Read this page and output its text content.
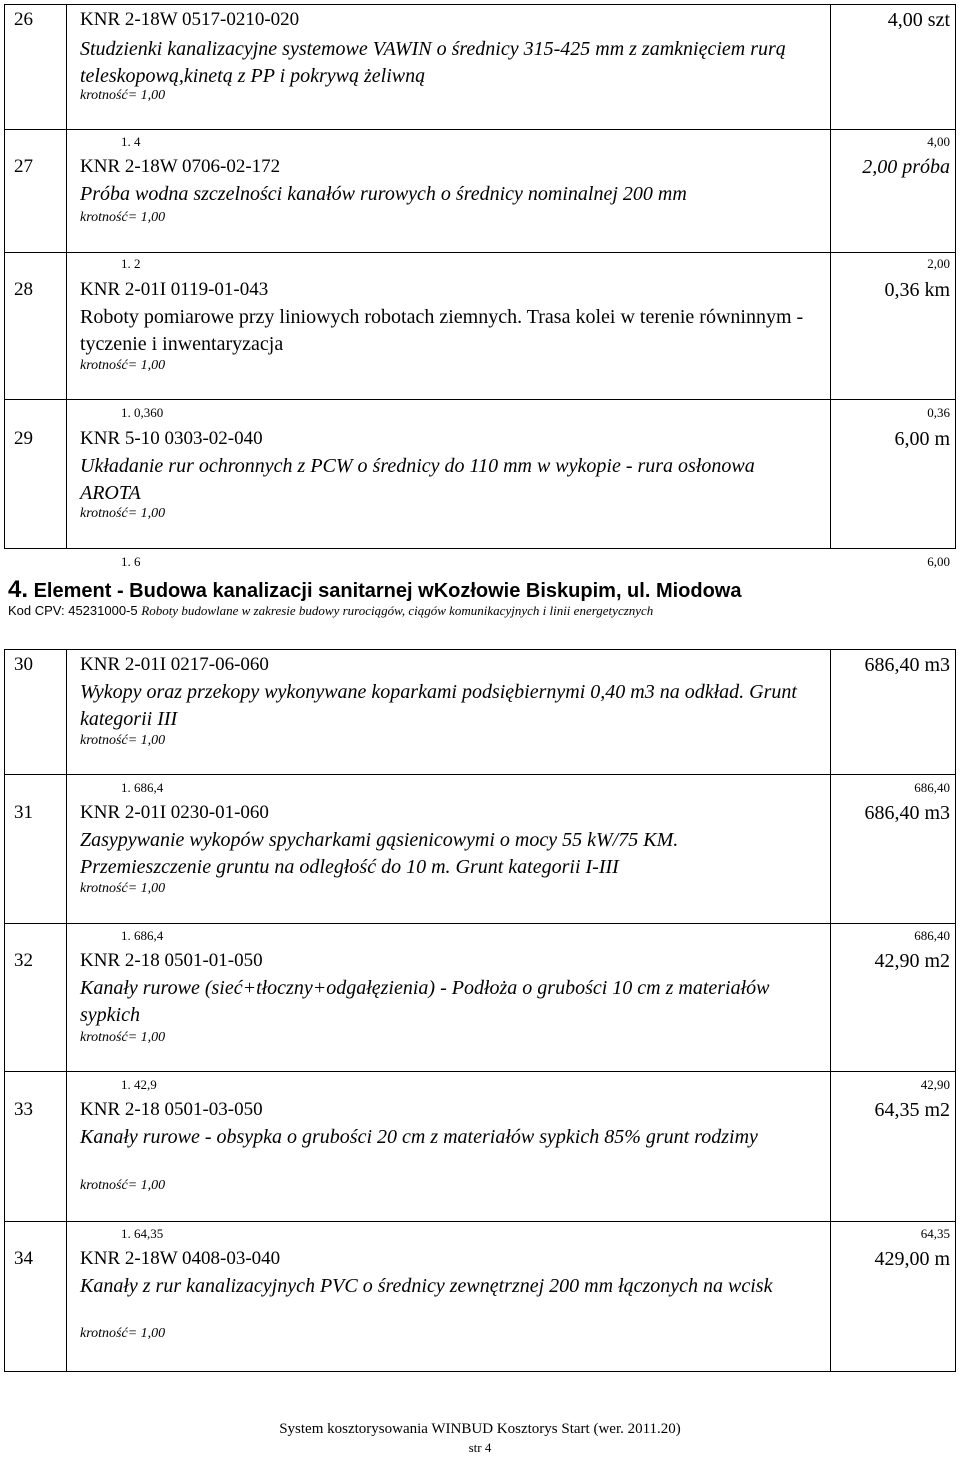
26 KNR 2-18W 0517-0210-020
Studzienki kanalizacyjne systemowe VAWIN o średnicy 315-425 mm z zamknięciem rurą teleskopową,kinetą z PP i pokrywą żeliwną
krotność= 1,00
4,00 szt
1. 4	4,00
27 KNR 2-18W 0706-02-172
Próba wodna szczelności kanałów rurowych o średnicy nominalnej 200 mm
krotność= 1,00
2,00 próba
1. 2	2,00
28 KNR 2-01I 0119-01-043
Roboty pomiarowe przy liniowych robotach ziemnych. Trasa kolei w terenie równinnym - tyczenie i inwentaryzacja
krotność= 1,00
0,36 km
1. 0,360	0,36
29 KNR 5-10 0303-02-040
Układanie rur ochronnych z PCW o średnicy do 110 mm w wykopie - rura osłonowa AROTA
krotność= 1,00
6,00 m
1. 6	6,00
4. Element - Budowa kanalizacji sanitarnej wKozłowie Biskupim, ul. Miodowa
Kod CPV: 45231000-5 Roboty budowlane w zakresie budowy rurociągów, ciągów komunikacyjnych i linii energetycznych
30 KNR 2-01I 0217-06-060
Wykopy oraz przekopy wykonywane koparkami podsiębiernymi 0,40 m3 na odkład. Grunt kategorii III
krotność= 1,00
686,40 m3
1. 686,4	686,40
31 KNR 2-01I 0230-01-060
Zasypywanie wykopów spycharkami gąsienicowymi o mocy 55 kW/75 KM. Przemieszczenie gruntu na odległość do 10 m. Grunt kategorii I-III
krotność= 1,00
686,40 m3
1. 686,4	686,40
32 KNR 2-18 0501-01-050
Kanały rurowe (sieć+tłoczny+odgałęzienia) - Podłoża o grubości 10 cm z materiałów sypkich
krotność= 1,00
42,90 m2
1. 42,9	42,90
33 KNR 2-18 0501-03-050
Kanały rurowe - obsypka o grubości 20 cm z materiałów sypkich 85% grunt rodzimy
krotność= 1,00
64,35 m2
1. 64,35	64,35
34 KNR 2-18W 0408-03-040
Kanały z rur kanalizacyjnych PVC o średnicy zewnętrznej 200 mm łączonych na wcisk
krotność= 1,00
429,00 m
System kosztorysowania WINBUD Kosztorys Start (wer. 2011.20)
str 4
